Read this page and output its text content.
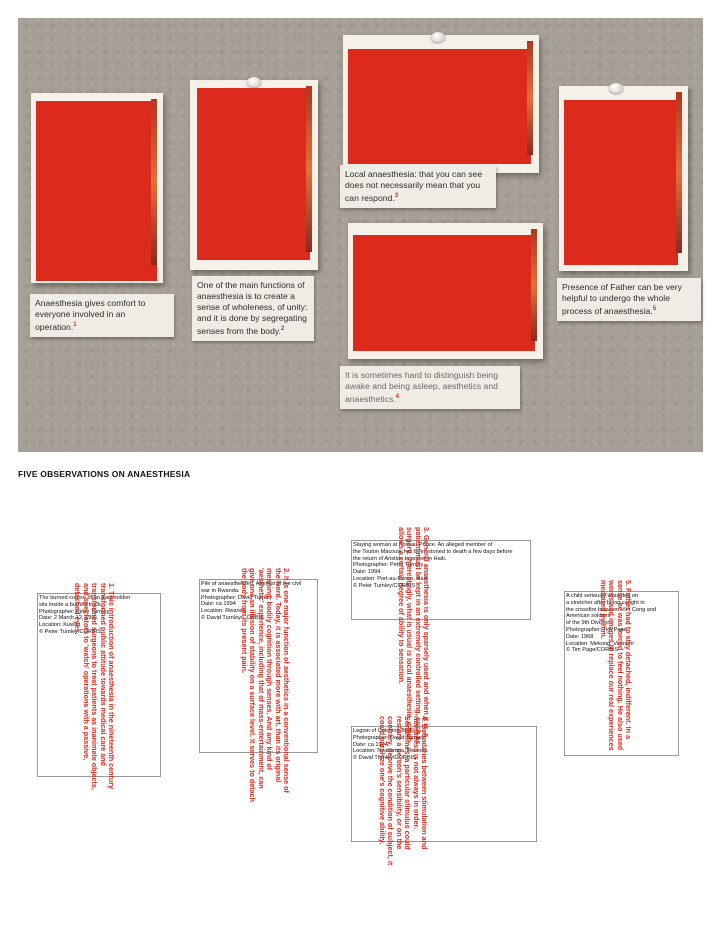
Anaesthesia gives comfort to everyone involved in an operation.$^1$
One of the main functions of anaesthesia is to create a sense of wholeness, of unity: and it is done by segregating senses from the body.$^2$
Local anaesthesia: that you can see does not necessarily mean that you can respond.$^3$
It is sometimes hard to distinguish being awake and being asleep, aesthetics and anaesthetics.$^4$
Presence of Father can be very helpful to undergo the whole process of anaesthesia.$^5$
FIVE OBSERVATIONS ON ANAESTHESIA
The burned corpse of an Iraqi soldier
sits inside a burned truck.
Photographer: Peter Turnley
Date: 2 March 12, 1991
Location: Kuwait
© Peter Turnley/CORBIS 1. This introduction of anaesthesia in the nineteenth century transformed public attitude towards medical care and transformed surgeons to treat patients as inanimate objects, and spectators to 'watch' operations with a passive, detached eyes.	Pile of anaesthetized, Attempt of the civil
war in Rwanda.
Photographer: David Turnley
Date: ca 1994
Location: Rwanda
© David Turnley/CORBIS	2. It is one major function of aesthetics in a conventional sense of the word. Today, it is associated more with art, than its original meaning, bodily cognition through senses. And any kind of 'aesthetic' experience, including that of mass-entertainment, can give one an illusion of stability on a surface level. It serves to detach the body from its present pain.
Slaying woman at Port-au-Prince. An alleged member of
the Touton Macoute has been stoned to death a few days before
the return of Aristide to power in Haiti.
Photographer: Peter Turnley
Date: 1994
Location: Port-au-Prince, Haiti
© Peter Turnley/CORBIS 3. General anaesthesia is only sparsely used and when it is, a patient must be kept in an extremely controlled setting, such as surgery. Interestingly, what is usual is local anaesthesia, which allows a certain degree of ability to sensation.
Legion of Catching Birds.
Photographer: David Turnley
Date: ca 1994
Location: Nyabimata, Rwanda
© David Turnley/CORBIS 4. Boundaries between stimulation and numbness is not always in order. Sometimes, a particular stimulus could restore a person's sensibility, or on the contrary, deprive the condition of subject, it could paralyze one's cognitive ability.
A child seriously wounded on
a stretcher after being caught in
the crossfire between Viet Cong and
American soldiers
of the 9th Division.
Photographer: Tim Page
Date: 1968
Location: Mekong, Vietnam
© Tim Page/CORBIS 5. Father had to stay detached, indifferent. In a sense he was forced to feel nothing. He also used words and images to replace our real experiences mediated by him.
